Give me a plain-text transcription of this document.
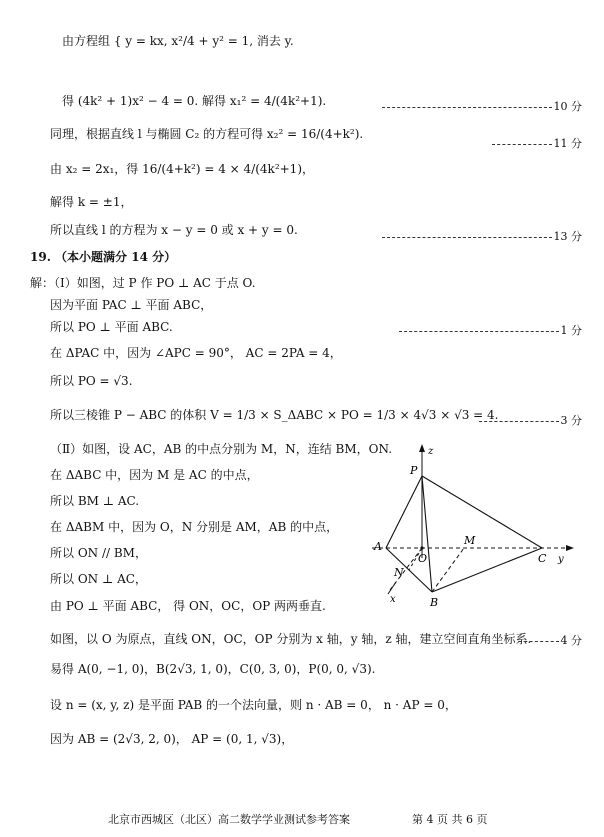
由方程组 { y = kx, x²/4 + y² = 1, 消去 y.
得 (4k² + 1)x² − 4 = 0. 解得 x₁² = 4/(4k²+1).	10 分
同理，根据直线 l 与椭圆 C₂ 的方程可得 x₂² = 16/(4+k²).
11 分
由 x₂ = 2x₁，得 16/(4+k²) = 4 × 4/(4k²+1)，
解得 k = ±1，
所以直线 l 的方程为 x − y = 0 或 x + y = 0.	13 分
19. （本小题满分 14 分）
解：（Ⅰ）如图，过 P 作 PO ⊥ AC 于点 O.
因为平面 PAC ⊥ 平面 ABC，
所以 PO ⊥ 平面 ABC.	1 分
在 ΔPAC 中，因为 ∠APC = 90°， AC = 2PA = 4，
所以 PO = √3.
所以三棱锥 P − ABC 的体积 V = 1/3 × S_ΔABC × PO = 1/3 × 4√3 × √3 = 4.	3 分
（Ⅱ）如图，设 AC，AB 的中点分别为 M，N，连结 BM，ON.
在 ΔABC 中，因为 M 是 AC 的中点，
所以 BM ⊥ AC.
在 ΔABM 中，因为 O，N 分别是 AM，AB 的中点，
所以 ON // BM，
所以 ON ⊥ AC，
由 PO ⊥ 平面 ABC， 得 ON，OC，OP 两两垂直.
如图，以 O 为原点，直线 ON，OC，OP 分别为 x 轴，y 轴，z 轴，建立空间直角坐标系.	4 分
易得 A(0, −1, 0)，B(2√3, 1, 0)，C(0, 3, 0)，P(0, 0, √3).
设 n = (x, y, z) 是平面 PAB 的一个法向量，则 n · AB = 0， n · AP = 0，
因为 AB = (2√3, 2, 0)， AP = (0, 1, √3)，
P
z
A
O
M
C y
N
x	B
北京市西城区（北区）高二数学学业测试参考答案	第 4 页 共 6 页
